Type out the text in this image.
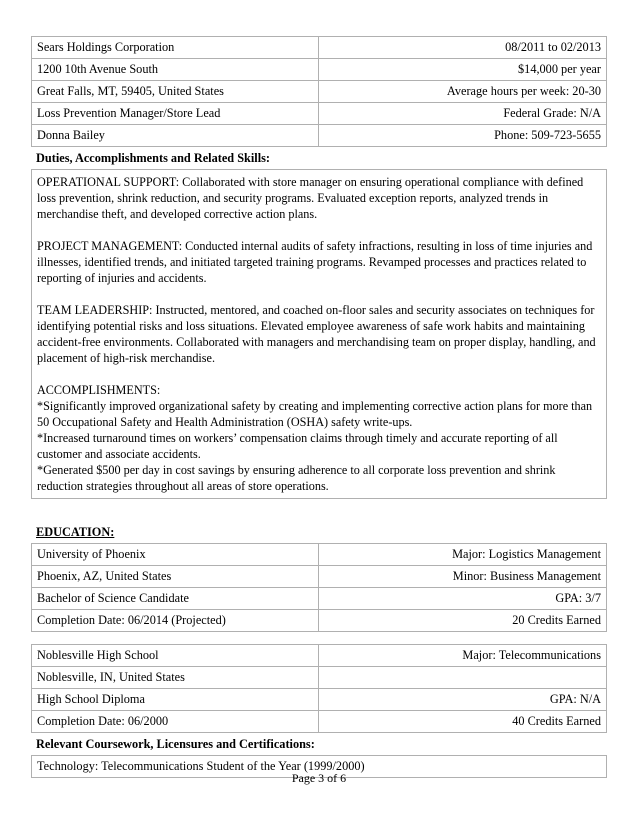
Sears Holdings Corporation	08/2011 to 02/2013
1200 10th Avenue South	$14,000 per year
Great Falls, MT, 59405, United States	Average hours per week: 20-30
Loss Prevention Manager/Store Lead	Federal Grade: N/A
Donna Bailey	Phone: 509-723-5655
Duties, Accomplishments and Related Skills:

OPERATIONAL SUPPORT: Collaborated with store manager on ensuring operational compliance with defined loss prevention, shrink reduction, and security programs. Evaluated exception reports, analyzed trends in merchandise theft, and developed corrective action plans.

PROJECT MANAGEMENT: Conducted internal audits of safety infractions, resulting in loss of time injuries and illnesses, identified trends, and initiated targeted training programs. Revamped processes and practices related to reporting of injuries and accidents.

TEAM LEADERSHIP: Instructed, mentored, and coached on-floor sales and security associates on techniques for identifying potential risks and loss situations. Elevated employee awareness of safe work habits and maintaining accident-free environments. Collaborated with managers and merchandising team on proper display, handling, and placement of high-risk merchandise.

ACCOMPLISHMENTS:
*Significantly improved organizational safety by creating and implementing corrective action plans for more than 50 Occupational Safety and Health Administration (OSHA) safety write-ups.
*Increased turnaround times on workers’ compensation claims through timely and accurate reporting of all customer and associate accidents.
*Generated $500 per day in cost savings by ensuring adherence to all corporate loss prevention and shrink reduction strategies throughout all areas of store operations.

EDUCATION:
University of Phoenix	Major: Logistics Management
Phoenix, AZ, United States	Minor: Business Management
Bachelor of Science Candidate	GPA: 3/7
Completion Date: 06/2014 (Projected)	20 Credits Earned
Noblesville High School	Major: Telecommunications
Noblesville, IN, United States	
High School Diploma	GPA: N/A
Completion Date: 06/2000	40 Credits Earned
Relevant Coursework, Licensures and Certifications:
Technology: Telecommunications Student of the Year (1999/2000)
Page 3 of 6
